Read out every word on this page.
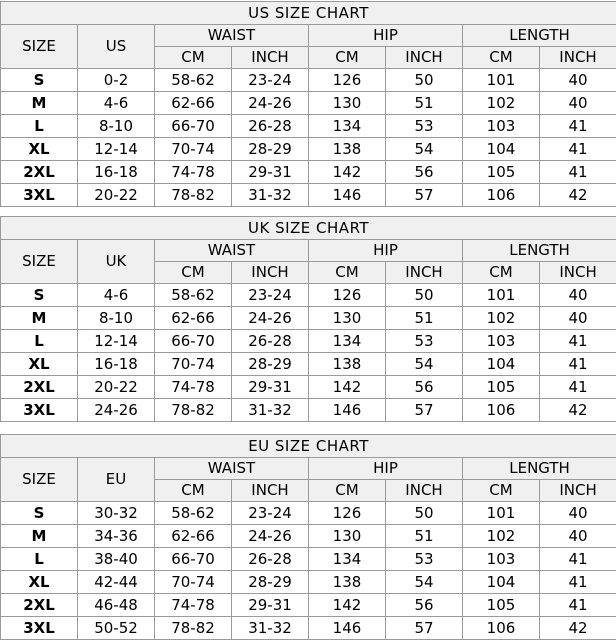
US SIZE CHART							
SIZE	US	WAIST		HIP		LENGTH	
		CM	INCH	CM	INCH	CM	INCH
S	0-2	58-62	23-24	126	50	101	40
M	4-6	62-66	24-26	130	51	102	40
L	8-10	66-70	26-28	134	53	103	41
XL	12-14	70-74	28-29	138	54	104	41
2XL	16-18	74-78	29-31	142	56	105	41
3XL	20-22	78-82	31-32	146	57	106	42
UK SIZE CHART							
SIZE	UK	WAIST		HIP		LENGTH	
		CM	INCH	CM	INCH	CM	INCH
S	4-6	58-62	23-24	126	50	101	40
M	8-10	62-66	24-26	130	51	102	40
L	12-14	66-70	26-28	134	53	103	41
XL	16-18	70-74	28-29	138	54	104	41
2XL	20-22	74-78	29-31	142	56	105	41
3XL	24-26	78-82	31-32	146	57	106	42
EU SIZE CHART							
SIZE	EU	WAIST		HIP		LENGTH	
		CM	INCH	CM	INCH	CM	INCH
S	30-32	58-62	23-24	126	50	101	40
M	34-36	62-66	24-26	130	51	102	40
L	38-40	66-70	26-28	134	53	103	41
XL	42-44	70-74	28-29	138	54	104	41
2XL	46-48	74-78	29-31	142	56	105	41
3XL	50-52	78-82	31-32	146	57	106	42
